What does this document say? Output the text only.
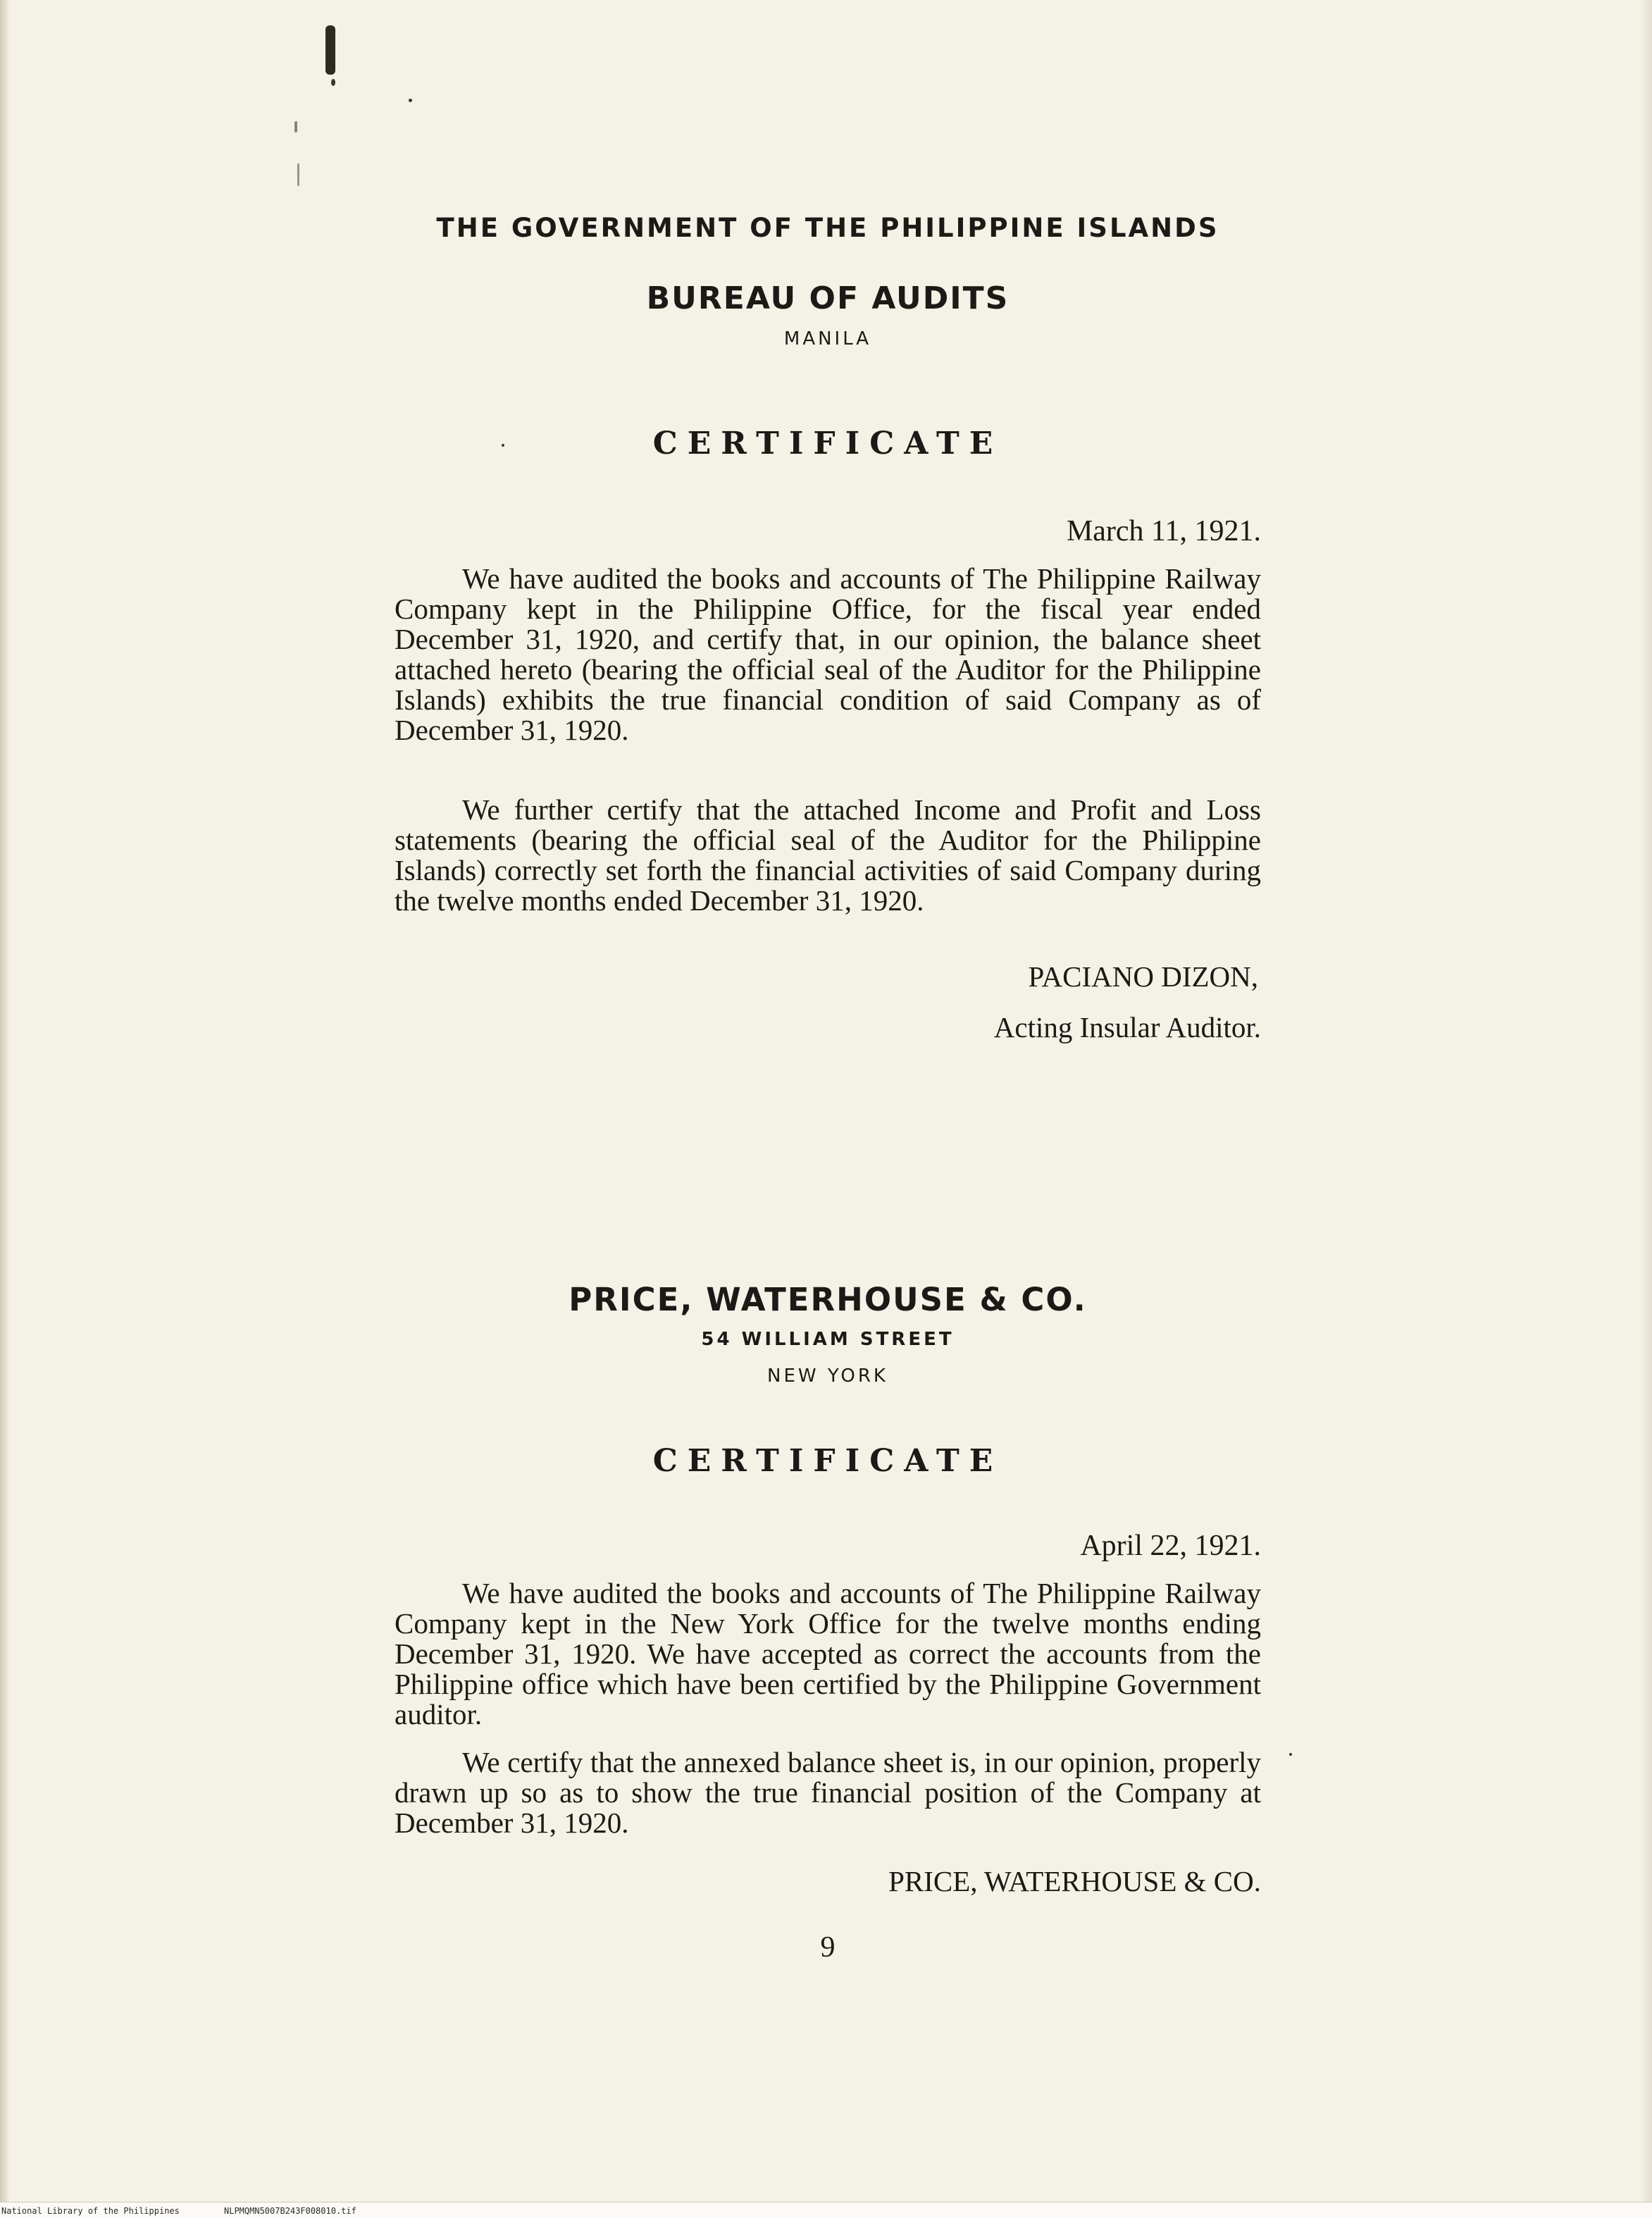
THE GOVERNMENT OF THE PHILIPPINE ISLANDS
BUREAU OF AUDITS
MANILA
CERTIFICATE
March 11, 1921.

We have audited the books and accounts of The Philippine Railway Company kept in the Philippine Office, for the fiscal year ended December 31, 1920, and certify that, in our opinion, the balance sheet attached hereto (bearing the official seal of the Auditor for the Philippine Islands) exhibits the true financial condition of said Company as of December 31, 1920.

We further certify that the attached Income and Profit and Loss statements (bearing the official seal of the Auditor for the Philippine Islands) correctly set forth the financial activities of said Company during the twelve months ended December 31, 1920.

PACIANO DIZON,
Acting Insular Auditor.
PRICE, WATERHOUSE & CO.
54 WILLIAM STREET
NEW YORK
CERTIFICATE
April 22, 1921.

We have audited the books and accounts of The Philippine Railway Company kept in the New York Office for the twelve months ending December 31, 1920. We have accepted as correct the accounts from the Philippine office which have been certified by the Philippine Government auditor.

We certify that the annexed balance sheet is, in our opinion, properly drawn up so as to show the true financial position of the Company at December 31, 1920.

PRICE, WATERHOUSE & CO.
9
National Library of the Philippines	NLPMQMN5007B243F008010.tif
